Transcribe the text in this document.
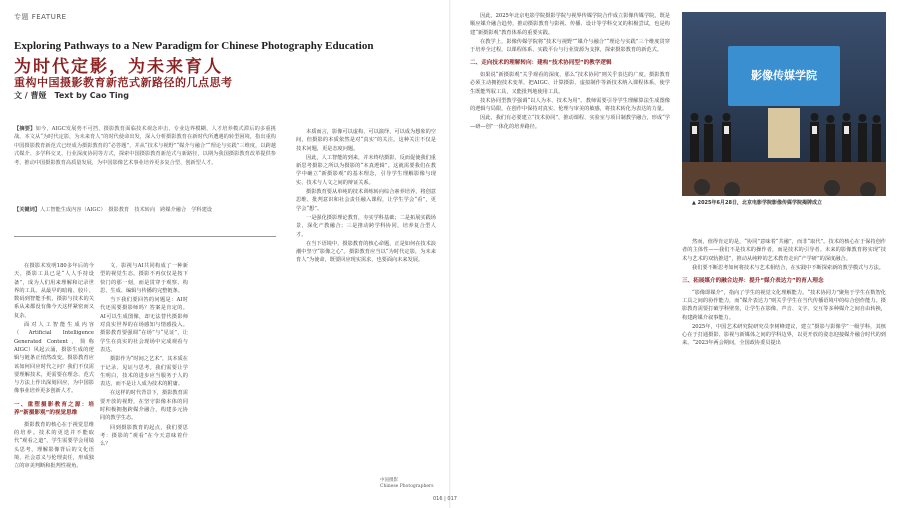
专题 FEATURE
Exploring Pathways to a New Paradigm for Chinese Photography Education
为时代定影，为未来育人
重构中国摄影教育新范式新路径的几点思考
文 / 曹娅　Text by Cao Ting
【摘要】如今，AIGC发展势不可挡，摄影教育面临技术观念冲击、专业边界模糊、人才培养模式滞后的多重挑战。本文从“为时代定影，为未来育人”的时代使命出发，深入分析摄影教育在新时代所遭遇的转型困境，指出重构中国摄影教育新范式已经成为摄影教育的“必答题”，并从“技术与视野”“媒介与融合”“理论与实践”三维度，以跨越式媒介、多学科交叉、行业深度协同等方式，探索中国摄影教育新范式与新路径，以期为我国摄影教育改革提供参考，推动中国摄影教育高质量发展，为中国影像艺术事业培养更多复合型、创新型人才。
【关键词】人工智能生成内容（AIGC）　摄影教育　技术转向　跨媒介融合　学科建设

在摄影术发明180多年后的今天，摄影工具已是“人人手持设备”，成为人们用来理解和记录世界的工具。从最早的暗箱、胶片、数码到智能手机，摄影与技术的关系从来都没有像今天这样紧密而又复杂。

面对人工智能生成内容（Artificial Intelligence Generated Content，简称AIGC）风起云涌，摄影生成的逻辑与链条正悄然改变。摄影教育应该如何回应时代之问？我们不仅需要理解技术，更需要在理念、范式与方法上作出深刻回应，为中国影像事业培养更多创新人才。

一、重塑摄影教育之源：培养“新摄影观”的视觉思维

摄影教育的核心在于视觉思维的培养。技术的更迭并不能取代“观看之道”，学生需要学会用镜头思考，理解影像背后的文化语境、社会意义与伦理责任，形成独立的审美判断和批判性视角。

文、影视与AI共同构成了一种新型的视觉生态。摄影不再仅仅是按下快门的那一刻，而是贯穿于观察、构思、生成、编辑与传播的完整链条。

当下我们要回答的问题是：AI时代还需要摄影师吗？答案是肯定的。AI可以生成图像，却无法替代摄影师对真实世界的在场感知与情感投入。摄影教育要强调“在场”与“见证”，让学生在真实的社会现场中完成观看与表达。

摄影作为“时间之艺术”，其本质在于记录、见证与思考。我们需要让学生明白，技术的进步应当服务于人的表达，而不是让人成为技术的附庸。

在这样的时代背景下，摄影教育需要开放的视野，在坚守影像本体的同时积极拥抱跨媒介融合，构建多元协同的教学生态。

回到摄影教育的起点，我们要思考：摄影的“观看”在今天意味着什么？

本质而言，影像可以虚构、可以演绎，可以成为想象的空间，但摄影的本质依然是对“真实”的关注。这种关注不仅是技术问题，更是态度问题。

因此，人工智能的到来，并未终结摄影，反而促使我们重新思考摄影之所以为摄影的“本真逻辑”。这就需要我们在教学中确立“新摄影观”的基本理念，引导学生理解影像与现实、技术与人文之间的辩证关系。

摄影教育要从单纯的技术训练转向综合素养培养，将创意思维、批判意识和社会责任融入课程，让学生学会“看”，更学会“想”。

一是强化摄影理论教育，夯实学科基础；二是拓展实践场景，深化产教融合；三是推动跨学科协同，培养复合型人才。

在当下语境中，摄影教育的核心命题，正是如何在技术浪潮中坚守“影像之心”。摄影教育应当以“为时代定影，为未来育人”为使命，既要回应现实需求，也要面向未来发展。

中国摄影
Chinese Photographers

因此，2025年北京电影学院摄影学院与视界传媒学院合作成立影像传媒学院，既是顺应媒介融合趋势，推动摄影教育与影视、传播、设计等学科交叉的积极尝试，也是构建“新摄影观”教育体系的重要实践。

在教学上，影像传媒学院将“技术与视野”“媒介与融合”“理论与实践”三个维度贯穿于培养全过程，以课程体系、实践平台与行业资源为支撑，探索摄影教育的新范式。

二、走向技术的理解转向：建构“技术协同型”的教学逻辑

如果说“新摄影观”关乎观看的深度，那么“技术协同”则关乎表达的广度。摄影教育必须主动拥抱技术变革，把AIGC、计算摄影、虚拟制作等新技术纳入课程体系，使学生既能驾驭工具，又能批判地使用工具。

技术协同型教学强调“以人为本、技术为用”。教师需要引导学生理解算法生成图像的逻辑与局限，在创作中保持对真实、伦理与审美的敏感，将技术转化为表达的力量。

因此，我们有必要建立“技术协同”，推动课程、实验室与项目制教学融合，形成“学—研—创”一体化的培养路径。

影像传媒学院
▲ 2025年6月28日，北京电影学院影像传媒学院揭牌成立

然而，值得肯定的是，“协同”意味着“共融”，而非“取代”。技术的核心在于保持创作者的主体性——我们不是技术的操作者，而是技术的引导者。未来的影像教育将实现“技术与艺术的双轨推进”，推动从纯粹的艺术教育走向“产学研”的深度融合。

我们要不断思考如何将技术与艺术相结合，在实践中不断探索新的教学模式与方法。

三、拓展媒介的融合边界：提升“媒介表达力”的育人理念

“影像即媒介”，指向了学生的视觉文化理解能力。“技术协同力”聚焦于学生在数智化工具之间的协作能力，而“媒介表达力”则关乎学生在当代传播语境中的综合创作能力。摄影教育需要打破学科壁垒，让学生在影像、声音、文字、交互等多种媒介之间自由转换，构建跨媒介叙事能力。

2025年，中国艺术研究院研究员李树峰建议，建立“摄影与影像学”一级学科，其核心在于打通摄影、影视与新媒体之间的学科边界，以更开放的姿态迎接媒介融合时代的到来。“2023年两会期间，全国政协委员提出

016 | 017
